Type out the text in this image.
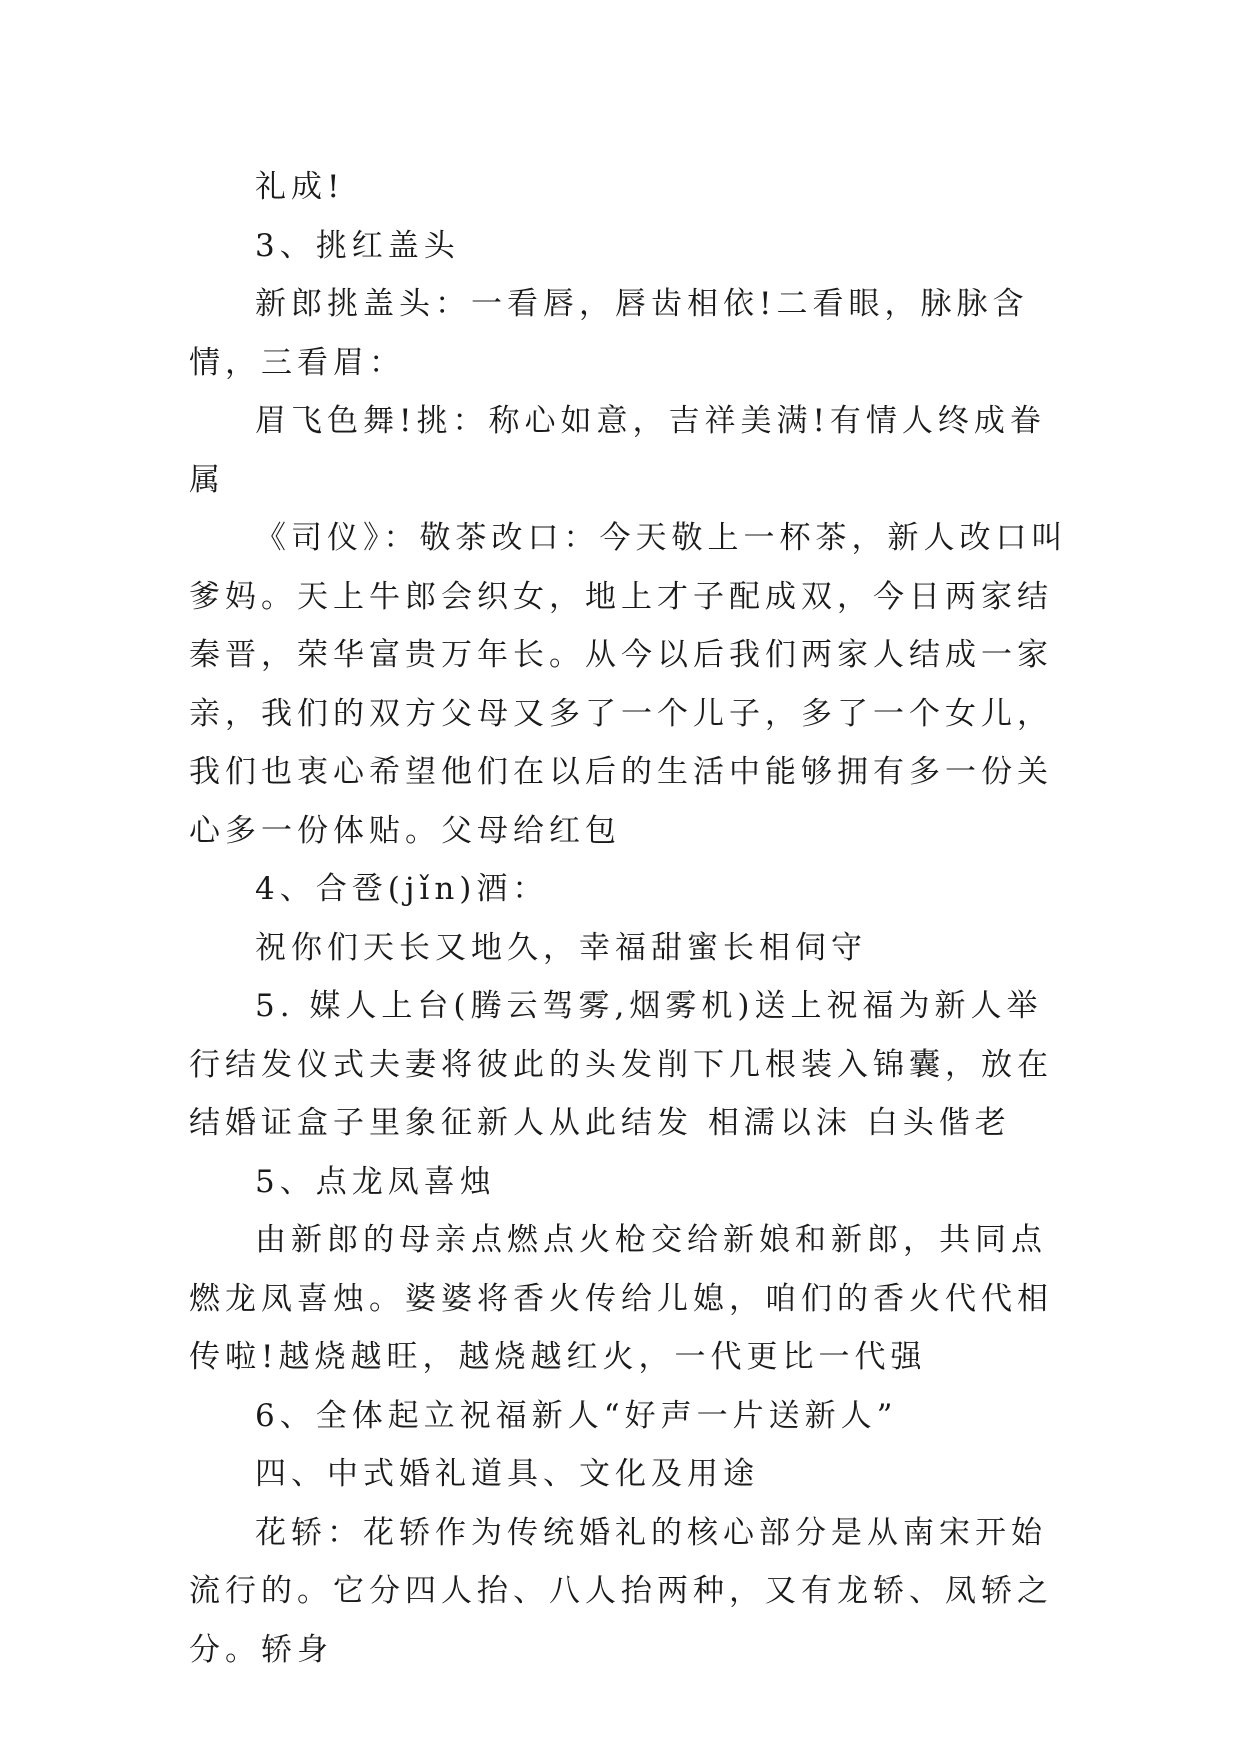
礼成!

3、挑红盖头

新郎挑盖头：一看唇，唇齿相依!二看眼，脉脉含情，三看眉：

眉飞色舞!挑：称心如意，吉祥美满!有情人终成眷属

《司仪》：敬茶改口：今天敬上一杯茶，新人改口叫爹妈。天上牛郎会织女，地上才子配成双，今日两家结秦晋，荣华富贵万年长。从今以后我们两家人结成一家亲，我们的双方父母又多了一个儿子，多了一个女儿，我们也衷心希望他们在以后的生活中能够拥有多一份关心多一份体贴。父母给红包

4、合卺(jǐn)酒：

祝你们天长又地久，幸福甜蜜长相伺守

5. 媒人上台(腾云驾雾,烟雾机)送上祝福为新人举行结发仪式夫妻将彼此的头发削下几根装入锦囊，放在结婚证盒子里象征新人从此结发 相濡以沫 白头偕老

5、点龙凤喜烛

由新郎的母亲点燃点火枪交给新娘和新郎，共同点燃龙凤喜烛。婆婆将香火传给儿媳，咱们的香火代代相传啦!越烧越旺，越烧越红火，一代更比一代强

6、全体起立祝福新人“好声一片送新人”

四、中式婚礼道具、文化及用途

花轿：花轿作为传统婚礼的核心部分是从南宋开始流行的。它分四人抬、八人抬两种，又有龙轿、凤轿之分。轿身
